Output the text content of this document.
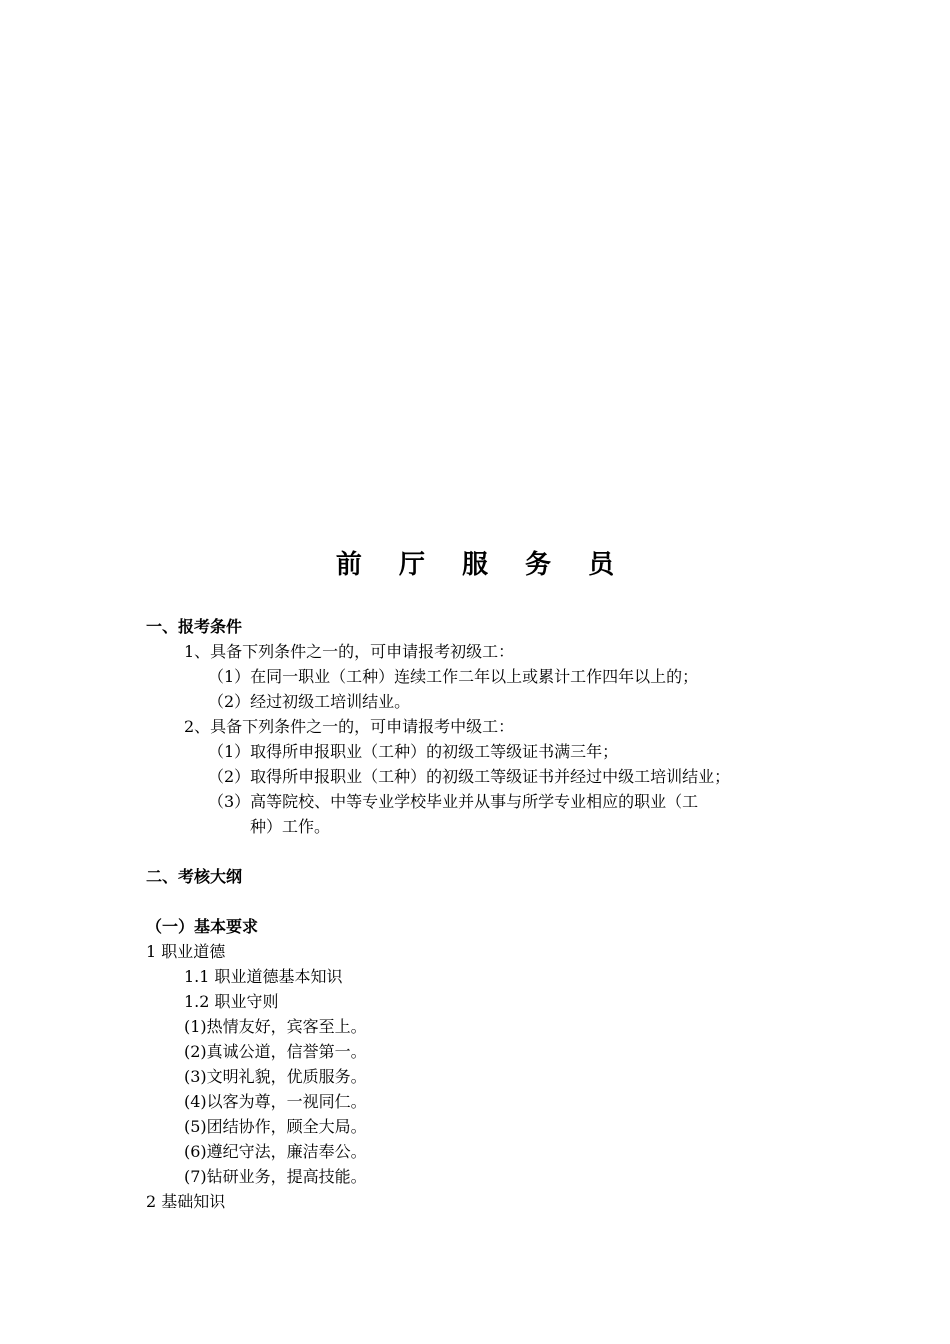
前 厅 服 务 员
一、报考条件
1、具备下列条件之一的，可申请报考初级工：
（1）在同一职业（工种）连续工作二年以上或累计工作四年以上的；
（2）经过初级工培训结业。
2、具备下列条件之一的，可申请报考中级工：
（1）取得所申报职业（工种）的初级工等级证书满三年；
（2）取得所申报职业（工种）的初级工等级证书并经过中级工培训结业；
（3）高等院校、中等专业学校毕业并从事与所学专业相应的职业（工
种）工作。
二、考核大纲
（一）基本要求
1 职业道德
1.1 职业道德基本知识
1.2 职业守则
(1)热情友好，宾客至上。
(2)真诚公道，信誉第一。
(3)文明礼貌，优质服务。
(4)以客为尊，一视同仁。
(5)团结协作，顾全大局。
(6)遵纪守法，廉洁奉公。
(7)钻研业务，提高技能。
2 基础知识
